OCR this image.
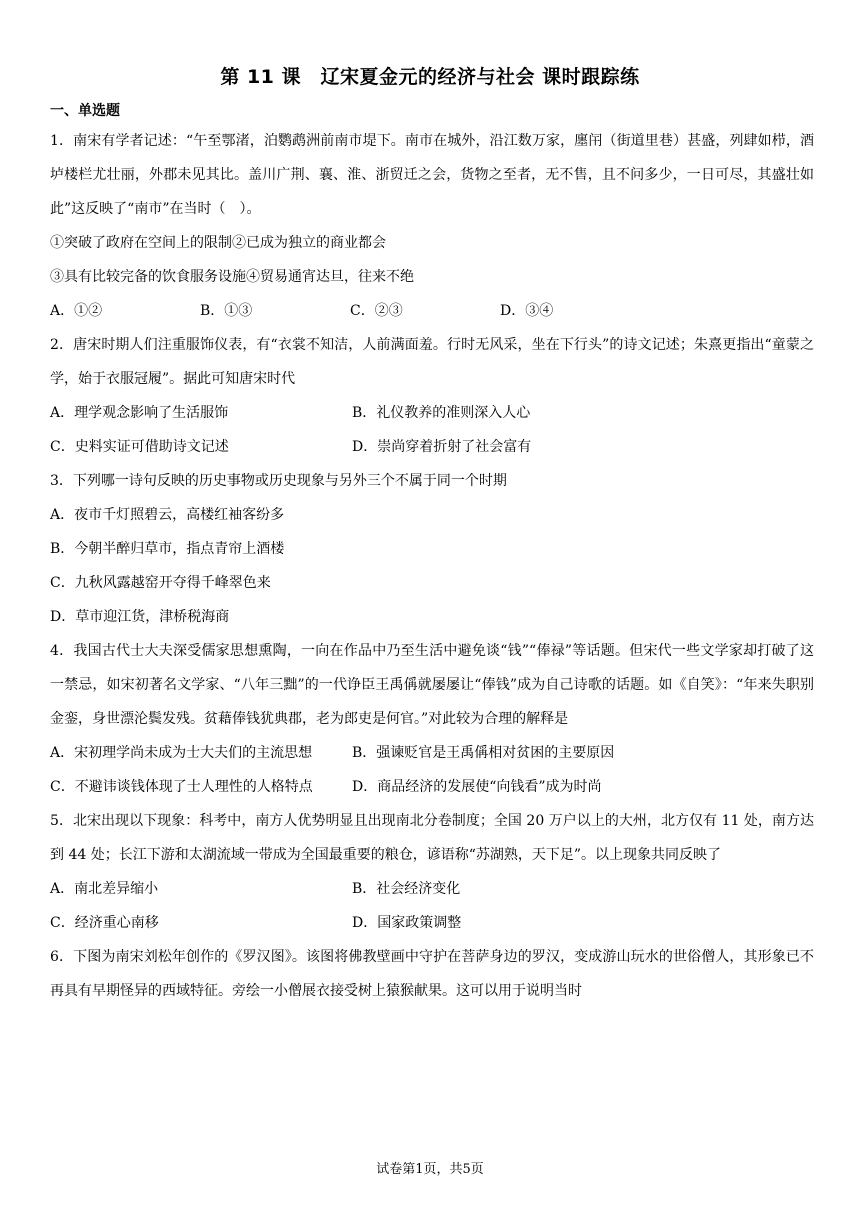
第 11 课　辽宋夏金元的经济与社会 课时跟踪练
一、单选题

1．南宋有学者记述：“午至鄂渚，泊鹦鹉洲前南市堤下。南市在城外，沿江数万家，廛闬（街道里巷）甚盛，列肆如栉，酒垆楼栏尤壮丽，外郡未见其比。盖川广荆、襄、淮、浙贸迁之会，货物之至者，无不售，且不问多少，一日可尽，其盛壮如此”这反映了“南市”在当时（　）。

①突破了政府在空间上的限制②已成为独立的商业都会

③具有比较完备的饮食服务设施④贸易通宵达旦，往来不绝

A．①②	B．①③	C．②③	D．③④

2．唐宋时期人们注重服饰仪表，有“衣裳不知洁，人前满面羞。行时无风采，坐在下行头”的诗文记述；朱熹更指出“童蒙之学，始于衣服冠履”。据此可知唐宋时代

A．理学观念影响了生活服饰	B．礼仪教养的准则深入人心
C．史料实证可借助诗文记述	D．崇尚穿着折射了社会富有

3．下列哪一诗句反映的历史事物或历史现象与另外三个不属于同一个时期

A．夜市千灯照碧云，高楼红袖客纷多

B．今朝半醉归草市，指点青帘上酒楼

C．九秋风露越窑开夺得千峰翠色来

D．草市迎江货，津桥税海商

4．我国古代士大夫深受儒家思想熏陶，一向在作品中乃至生活中避免谈“钱”“俸禄”等话题。但宋代一些文学家却打破了这一禁忌，如宋初著名文学家、“八年三黜”的一代诤臣王禹偁就屡屡让“俸钱”成为自己诗歌的话题。如《自笑》：“年来失职别金銮，身世漂沦鬓发残。贫藉俸钱犹典郡，老为郎吏是何官。”对此较为合理的解释是

A．宋初理学尚未成为士大夫们的主流思想	B．强谏贬官是王禹偁相对贫困的主要原因
C．不避讳谈钱体现了士人理性的人格特点	D．商品经济的发展使“向钱看”成为时尚

5．北宋出现以下现象：科考中，南方人优势明显且出现南北分卷制度；全国 20 万户以上的大州，北方仅有 11 处，南方达到 44 处；长江下游和太湖流域一带成为全国最重要的粮仓，谚语称“苏湖熟，天下足”。以上现象共同反映了

A．南北差异缩小	B．社会经济变化
C．经济重心南移	D．国家政策调整

6．下图为南宋刘松年创作的《罗汉图》。该图将佛教壁画中守护在菩萨身边的罗汉，变成游山玩水的世俗僧人，其形象已不再具有早期怪异的西域特征。旁绘一小僧展衣接受树上猿猴献果。这可以用于说明当时

试卷第1页，共5页
